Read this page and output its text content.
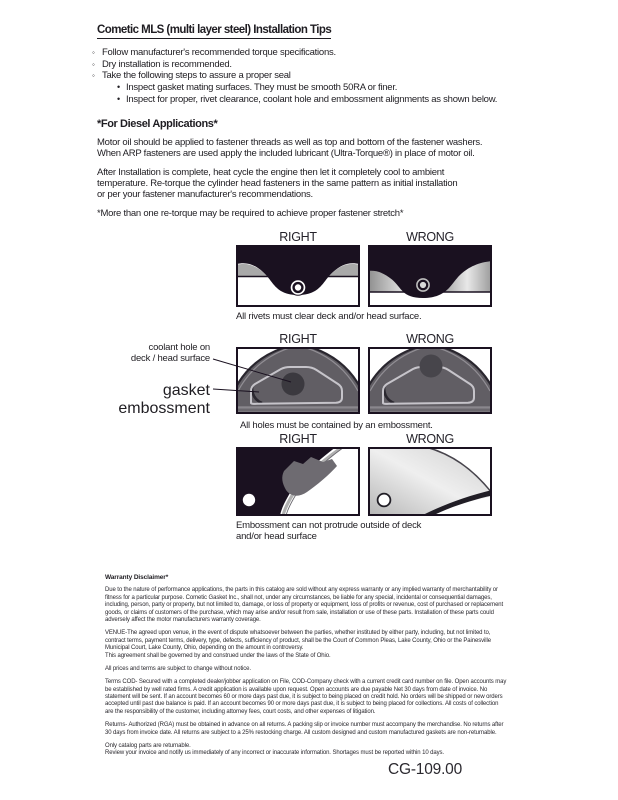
Cometic MLS (multi layer steel) Installation Tips
◦ Follow manufacturer's recommended torque specifications.
◦ Dry installation is recommended.
◦ Take the following steps to assure a proper seal
• Inspect gasket mating surfaces. They must be smooth 50RA or finer.
• Inspect for proper, rivet clearance, coolant hole and embossment alignments as shown below.
*For Diesel Applications*
Motor oil should be applied to fastener threads as well as top and bottom of the fastener washers.
When ARP fasteners are used apply the included lubricant (Ultra-Torque®) in place of motor oil.
After Installation is complete, heat cycle the engine then let it completely cool to ambient
temperature. Re-torque the cylinder head fasteners in the same pattern as initial installation
or per your fastener manufacturer's recommendations.
*More than one re-torque may be required to achieve proper fastener stretch*
RIGHT	WRONG
All rivets must clear deck and/or head surface.
coolant hole on
deck / head surface
gasket embossment
RIGHT	WRONG
All holes must be contained by an embossment.
RIGHT	WRONG
Embossment can not protrude outside of deck
and/or head surface
Warranty Disclaimer*
Due to the nature of performance applications, the parts in this catalog are sold without any express warranty or any implied warranty of merchantability or
fitness for a particular purpose. Cometic Gasket Inc., shall not, under any circumstances, be liable for any special, incidental or consequential damages,
including, person, party or property, but not limited to, damage, or loss of property or equipment, loss of profits or revenue, cost of purchased or replacement
goods, or claims of customers of the purchase, which may arise and/or result from sale, installation or use of these parts. Installation of these parts could
adversely affect the motor manufacturers warranty coverage.
VENUE-The agreed upon venue, in the event of dispute whatsoever between the parties, whether instituted by either party, including, but not limited to,
contract terms, payment terms, delivery, type, defects, sufficiency of product, shall be the Court of Common Pleas, Lake County, Ohio or the Painesville
Municipal Court, Lake County, Ohio, depending on the amount in controversy.
This agreement shall be governed by and construed under the laws of the State of Ohio.
All prices and terms are subject to change without notice.
Terms COD- Secured with a completed dealer/jobber application on File, COD-Company check with a current credit card number on file. Open accounts may
be established by well rated firms. A credit application is available upon request. Open accounts are due payable Net 30 days from date of invoice. No
statement will be sent. If an account becomes 60 or more days past due, it is subject to being placed on credit hold. No orders will be shipped or new orders
accepted until past due balance is paid. If an account becomes 90 or more days past due, it is subject to being placed for collections. All costs of collection
are the responsibility of the customer, including attorney fees, court costs, and other expenses of litigation.
Returns- Authorized (RGA) must be obtained in advance on all returns. A packing slip or invoice number must accompany the merchandise. No returns after
30 days from invoice date. All returns are subject to a 25% restocking charge. All custom designed and custom manufactured gaskets are non-returnable.
Only catalog parts are returnable.
Review your invoice and notify us immediately of any incorrect or inaccurate information. Shortages must be reported within 10 days.
CG-109.00
